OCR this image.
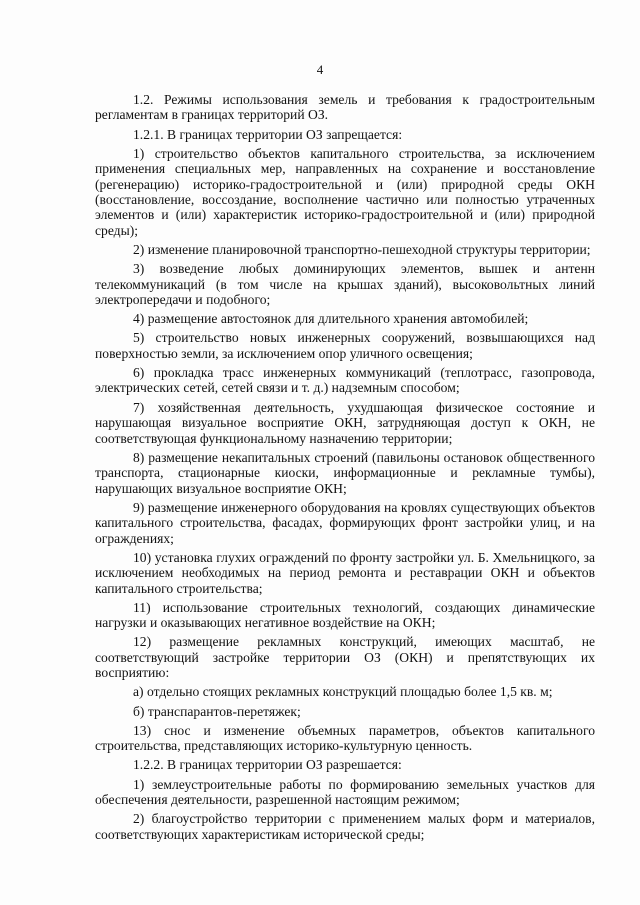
4

1.2. Режимы использования земель и требования к градостроительным регламентам в границах территорий ОЗ.

1.2.1. В границах территории ОЗ запрещается:

1) строительство объектов капитального строительства, за исключением применения специальных мер, направленных на сохранение и восстановление (регенерацию) историко-градостроительной и (или) природной среды ОКН (восстановление, воссоздание, восполнение частично или полностью утраченных элементов и (или) характеристик историко-градостроительной и (или) природной среды);

2) изменение планировочной транспортно-пешеходной структуры территории;

3) возведение любых доминирующих элементов, вышек и антенн телекоммуникаций (в том числе на крышах зданий), высоковольтных линий электропередачи и подобного;

4) размещение автостоянок для длительного хранения автомобилей;

5) строительство новых инженерных сооружений, возвышающихся над поверхностью земли, за исключением опор уличного освещения;

6) прокладка трасс инженерных коммуникаций (теплотрасс, газопровода, электрических сетей, сетей связи и т. д.) надземным способом;

7) хозяйственная деятельность, ухудшающая физическое состояние и нарушающая визуальное восприятие ОКН, затрудняющая доступ к ОКН, не соответствующая функциональному назначению территории;

8) размещение некапитальных строений (павильоны остановок общественного транспорта, стационарные киоски, информационные и рекламные тумбы), нарушающих визуальное восприятие ОКН;

9) размещение инженерного оборудования на кровлях существующих объектов капитального строительства, фасадах, формирующих фронт застройки улиц, и на ограждениях;

10) установка глухих ограждений по фронту застройки ул. Б. Хмельницкого, за исключением необходимых на период ремонта и реставрации ОКН и объектов капитального строительства;

11) использование строительных технологий, создающих динамические нагрузки и оказывающих негативное воздействие на ОКН;

12) размещение рекламных конструкций, имеющих масштаб, не соответствующий застройке территории ОЗ (ОКН) и препятствующих их восприятию:

а) отдельно стоящих рекламных конструкций площадью более 1,5 кв. м;

б) транспарантов-перетяжек;

13) снос и изменение объемных параметров, объектов капитального строительства, представляющих историко-культурную ценность.

1.2.2. В границах территории ОЗ разрешается:

1) землеустроительные работы по формированию земельных участков для обеспечения деятельности, разрешенной настоящим режимом;

2) благоустройство территории с применением малых форм и материалов, соответствующих характеристикам исторической среды;
